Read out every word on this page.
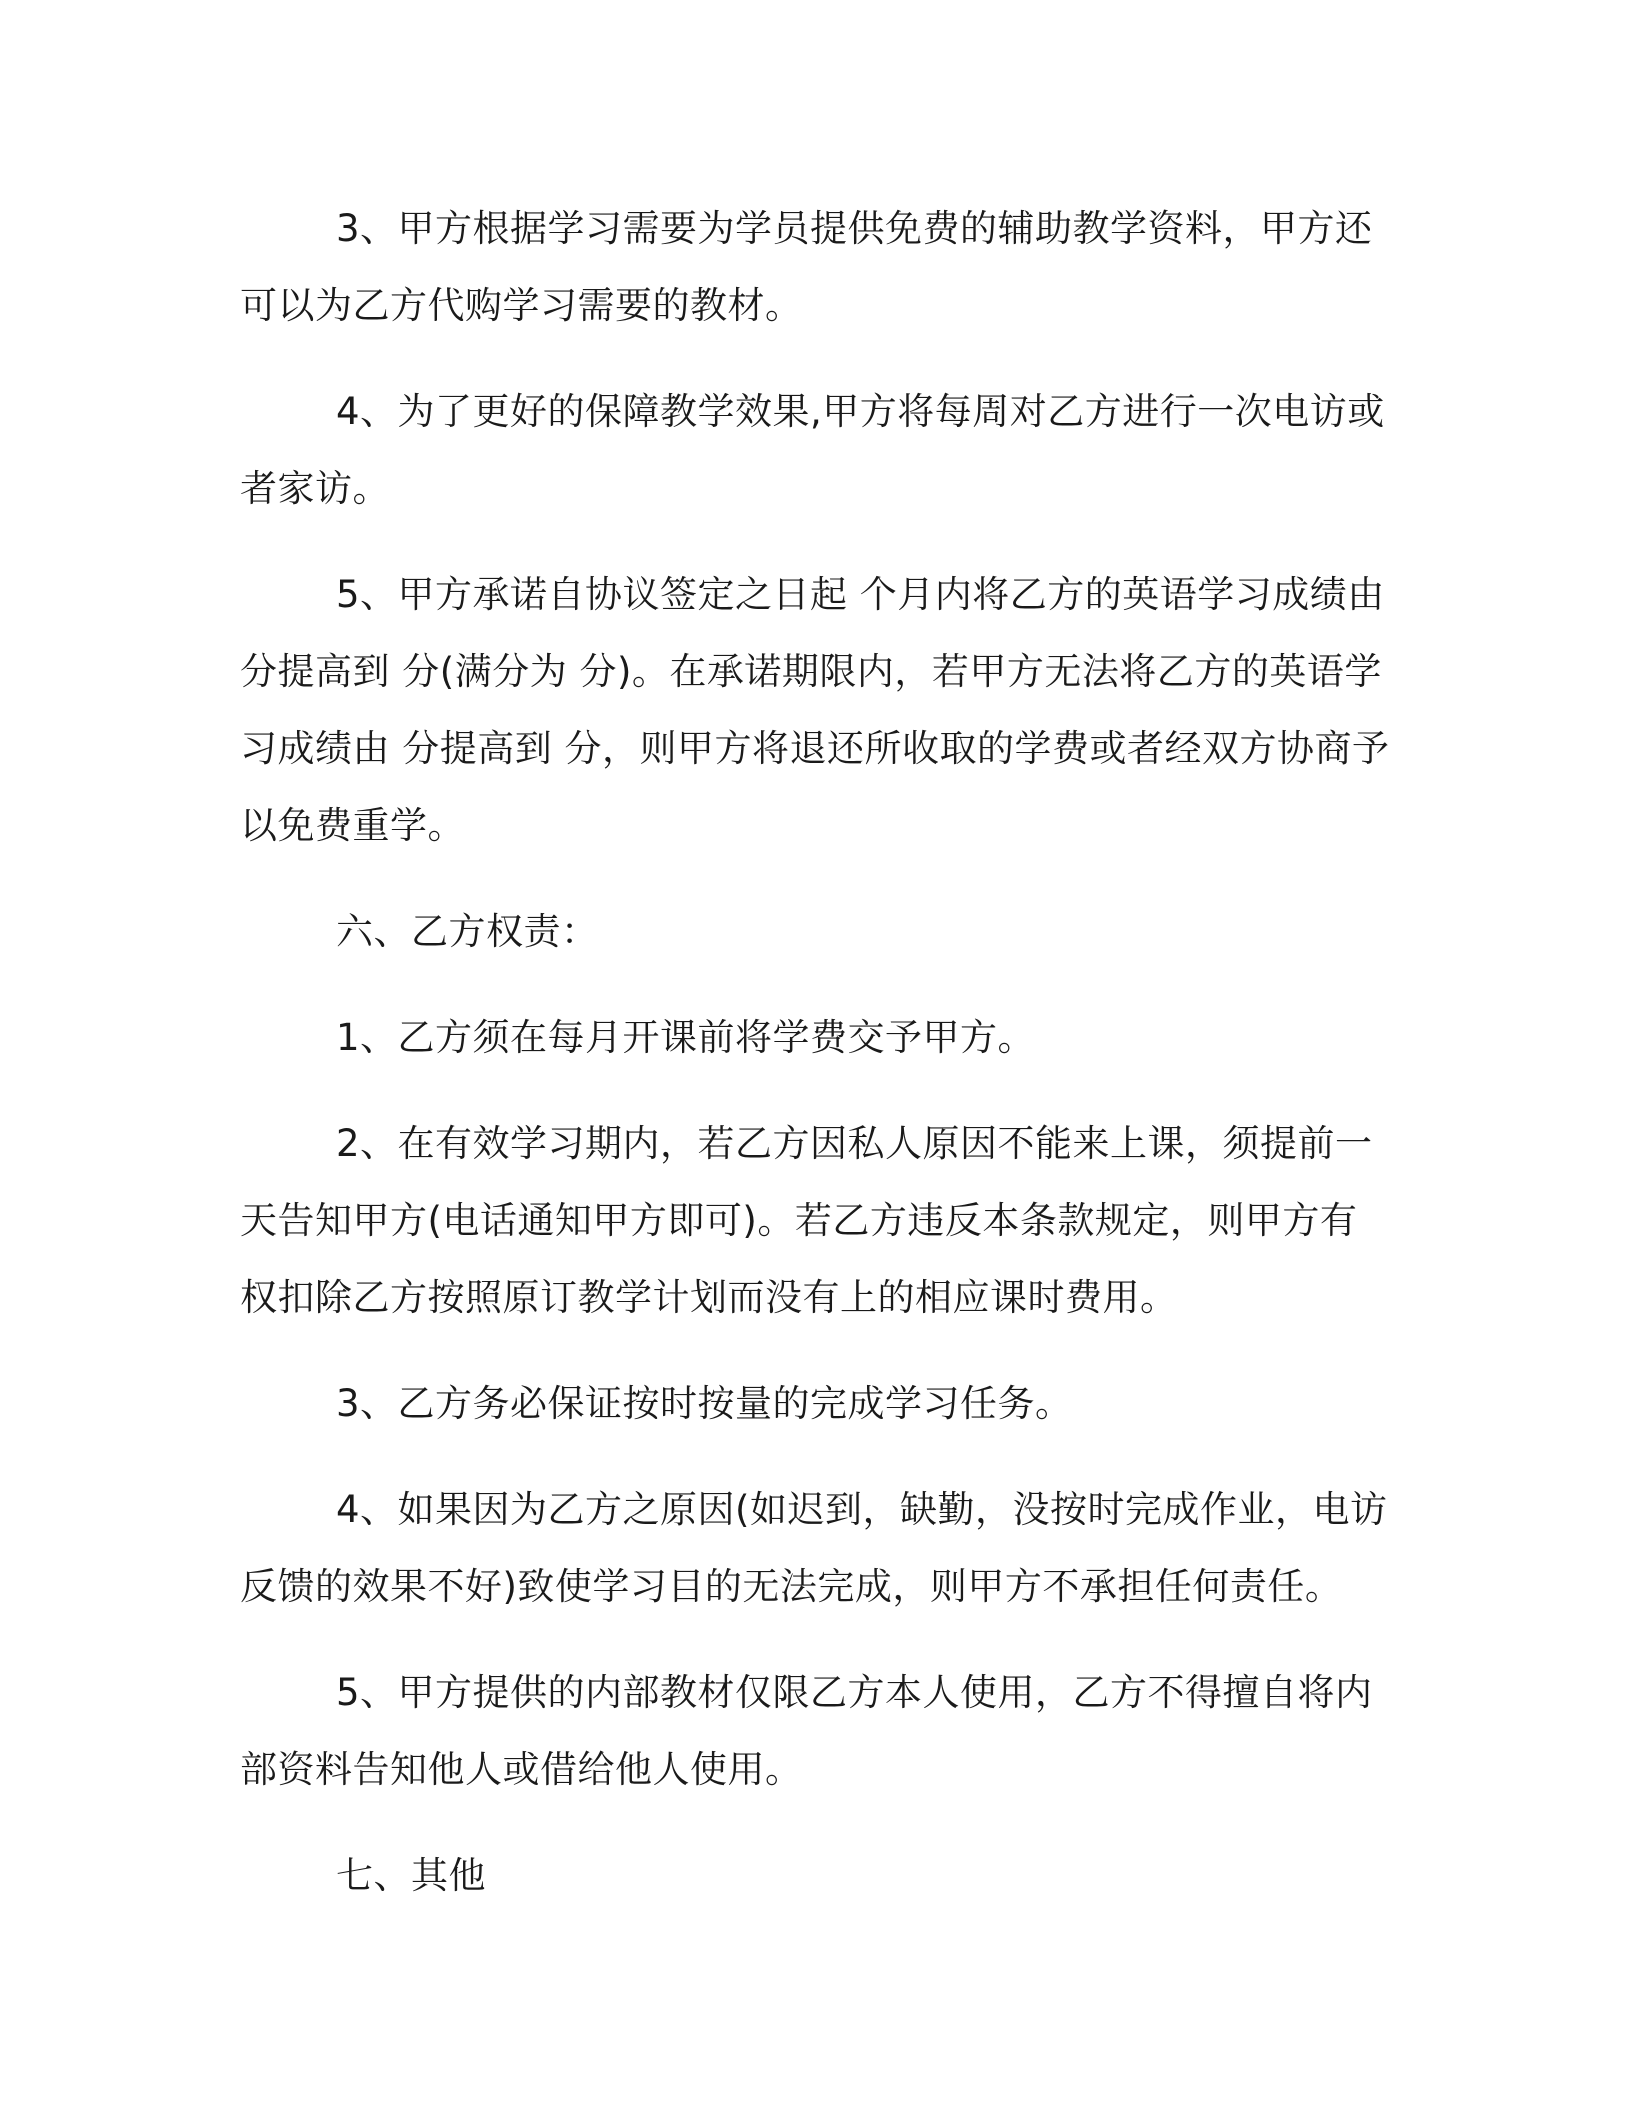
3、甲方根据学习需要为学员提供免费的辅助教学资料，甲方还可以为乙方代购学习需要的教材。

4、为了更好的保障教学效果,甲方将每周对乙方进行一次电访或者家访。

5、甲方承诺自协议签定之日起 个月内将乙方的英语学习成绩由 分提高到 分(满分为 分)。在承诺期限内，若甲方无法将乙方的英语学习成绩由 分提高到 分，则甲方将退还所收取的学费或者经双方协商予以免费重学。

六、乙方权责：

1、乙方须在每月开课前将学费交予甲方。

2、在有效学习期内，若乙方因私人原因不能来上课，须提前一天告知甲方(电话通知甲方即可)。若乙方违反本条款规定，则甲方有权扣除乙方按照原订教学计划而没有上的相应课时费用。

3、乙方务必保证按时按量的完成学习任务。

4、如果因为乙方之原因(如迟到，缺勤，没按时完成作业，电访反馈的效果不好)致使学习目的无法完成，则甲方不承担任何责任。

5、甲方提供的内部教材仅限乙方本人使用，乙方不得擅自将内部资料告知他人或借给他人使用。

七、其他
